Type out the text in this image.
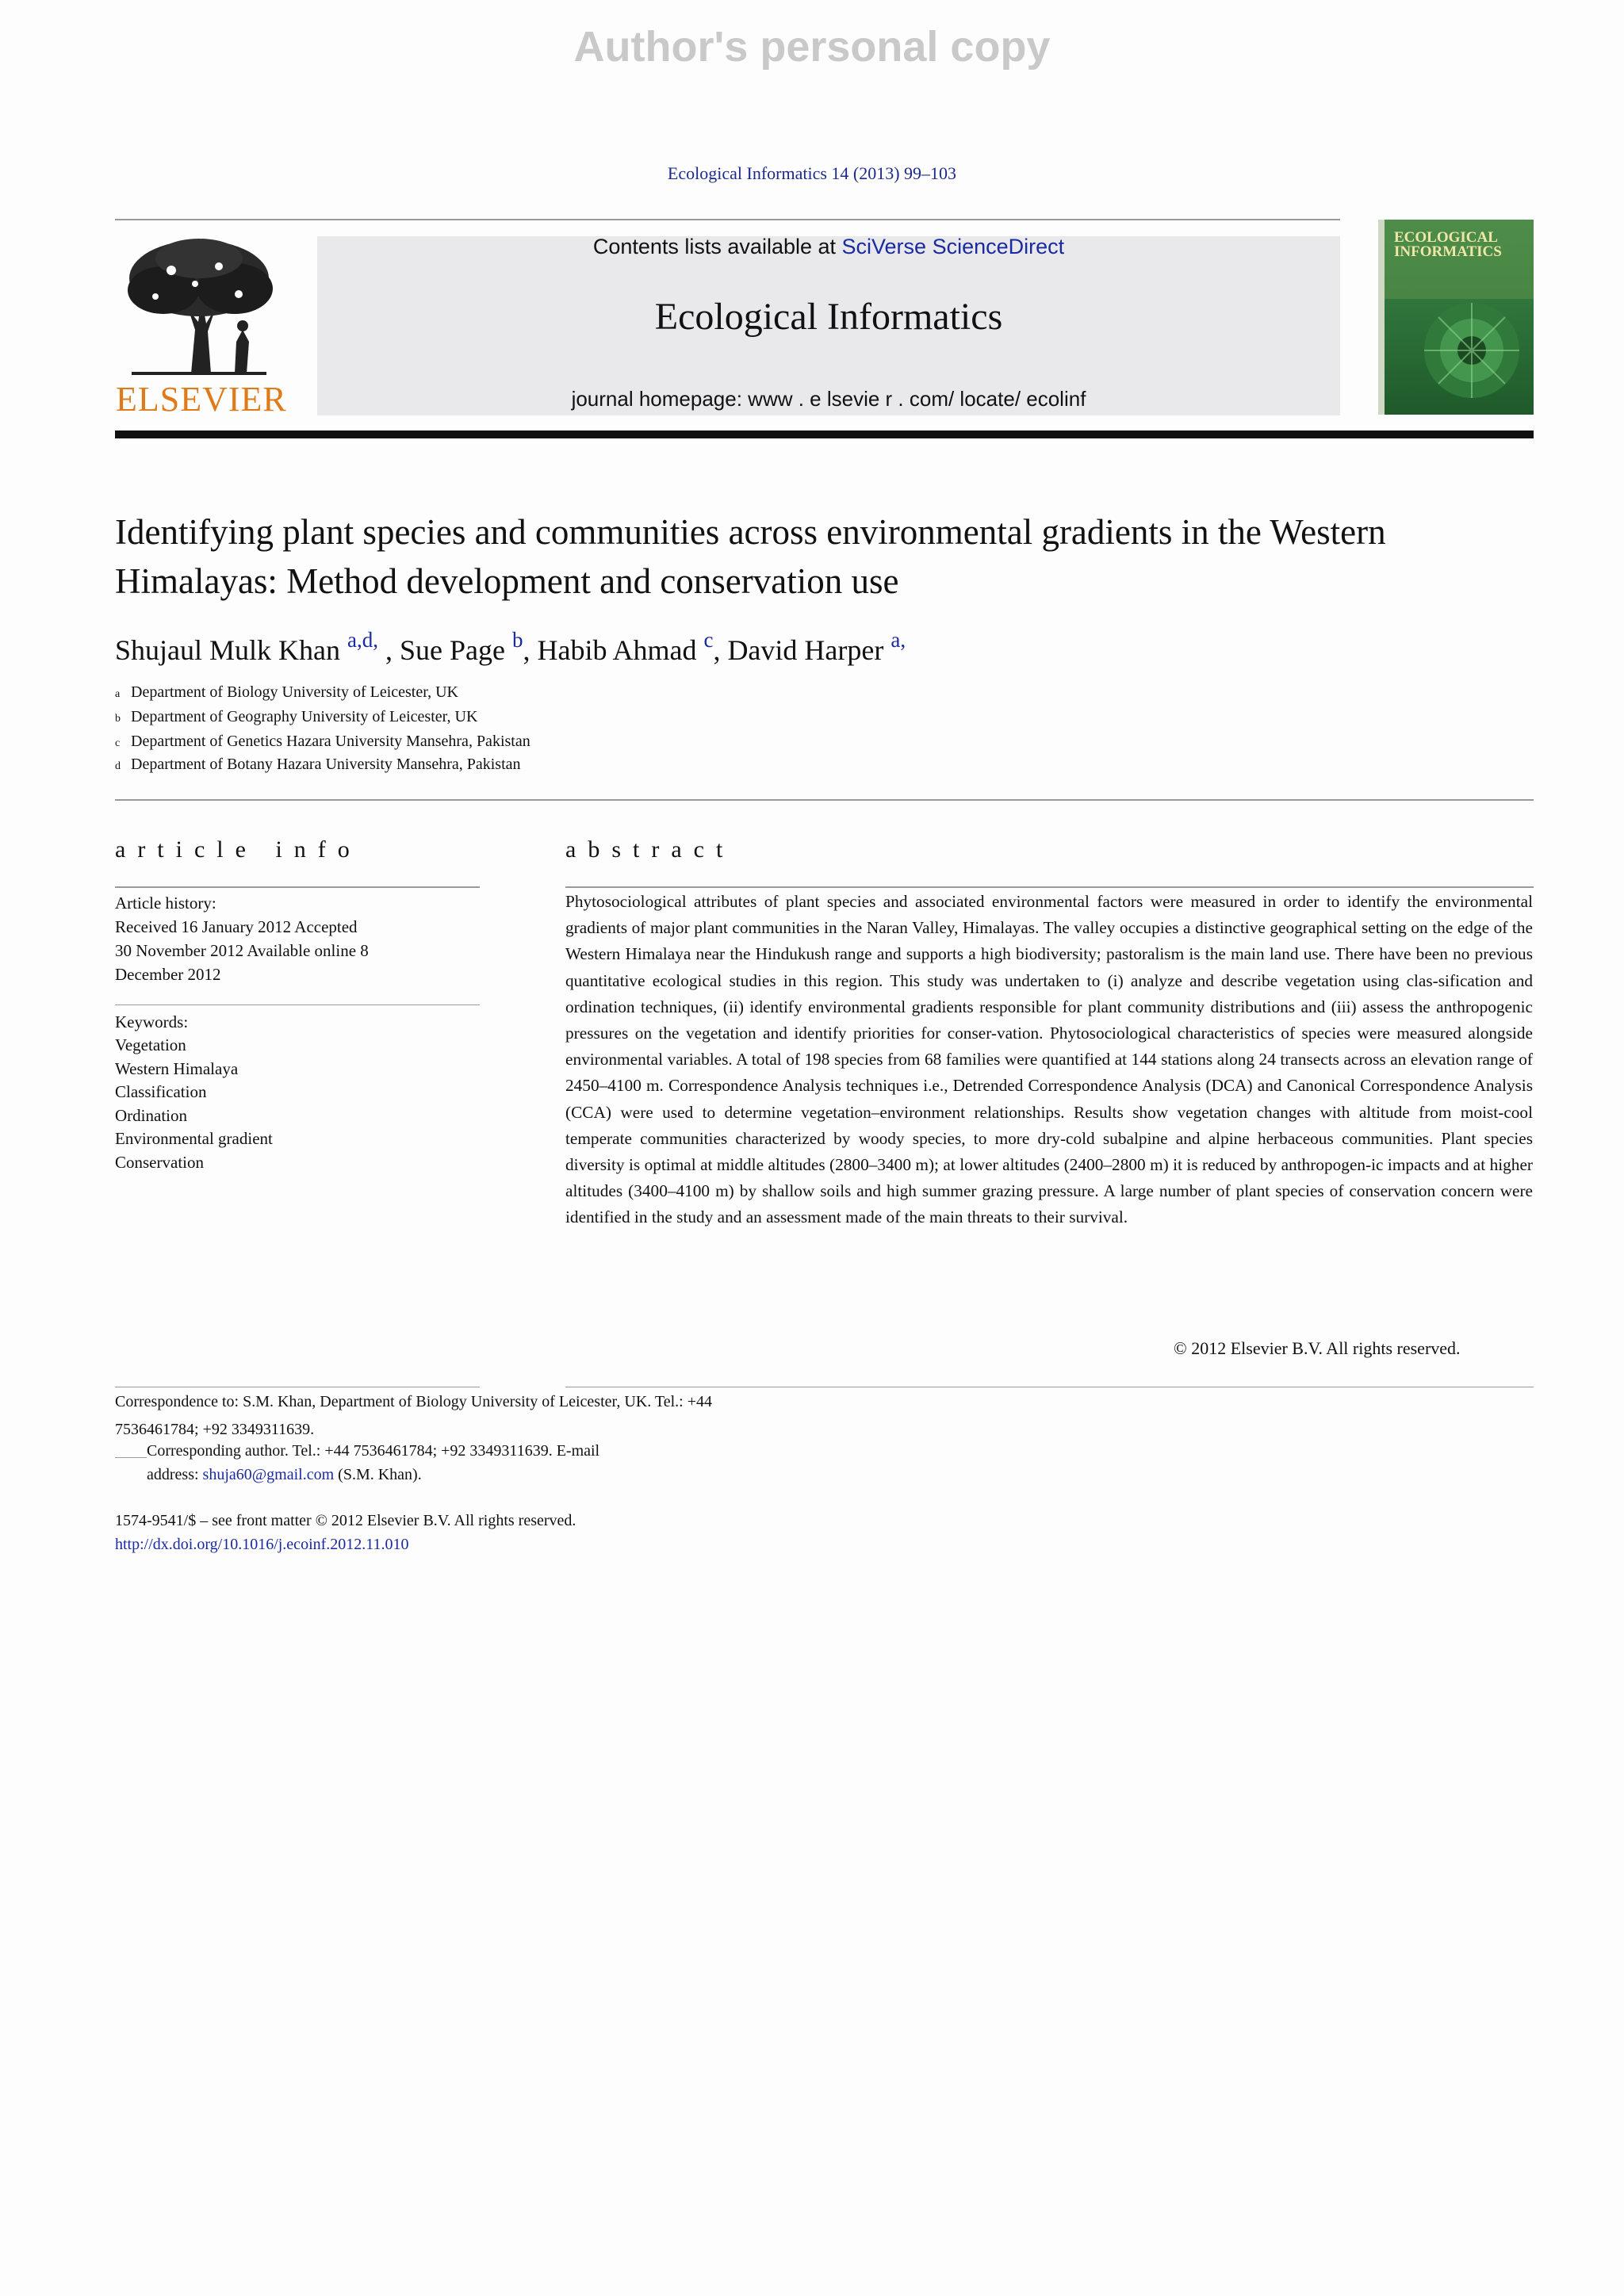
Author's personal copy
Ecological Informatics 14 (2013) 99–103
ELSEVIER
Contents lists available at SciVerse ScienceDirect
Ecological Informatics
journal homepage: www . e lsevie r . com/ locate/ ecolinf
ECOLOGICAL
INFORMATICS
Identifying plant species and communities across environmental gradients in the Western
Himalayas: Method development and conservation use
Shujaul Mulk Khan $^{a,d,}$ , Sue Page $^b$, Habib Ahmad $^c$, David Harper $^{a,}$
a Department of Biology University of Leicester, UK
b Department of Geography University of Leicester, UK
c Department of Genetics Hazara University Mansehra, Pakistan
d Department of Botany Hazara University Mansehra, Pakistan
article info	abstract
Article history:
Received 16 January 2012 Accepted
30 November 2012 Available online 8
December 2012
Keywords:
Vegetation
Western Himalaya
Classification
Ordination
Environmental gradient
Conservation
Phytosociological attributes of plant species and associated environmental factors were measured in order to identify the environmental gradients of major plant communities in the Naran Valley, Himalayas. The valley occupies a distinctive geographical setting on the edge of the Western Himalaya near the Hindukush range and supports a high biodiversity; pastoralism is the main land use. There have been no previous quantitative ecological studies in this region. This study was undertaken to (i) analyze and describe vegetation using clas-sification and ordination techniques, (ii) identify environmental gradients responsible for plant community distributions and (iii) assess the anthropogenic pressures on the vegetation and identify priorities for conser-vation. Phytosociological characteristics of species were measured alongside environmental variables. A total of 198 species from 68 families were quantified at 144 stations along 24 transects across an elevation range of 2450–4100 m. Correspondence Analysis techniques i.e., Detrended Correspondence Analysis (DCA) and Canonical Correspondence Analysis (CCA) were used to determine vegetation–environment relationships. Results show vegetation changes with altitude from moist-cool temperate communities characterized by woody species, to more dry-cold subalpine and alpine herbaceous communities. Plant species diversity is optimal at middle altitudes (2800–3400 m); at lower altitudes (2400–2800 m) it is reduced by anthropogen-ic impacts and at higher altitudes (3400–4100 m) by shallow soils and high summer grazing pressure. A large number of plant species of conservation concern were identified in the study and an assessment made of the main threats to their survival.
© 2012 Elsevier B.V. All rights reserved.
Correspondence to: S.M. Khan, Department of Biology University of Leicester, UK. Tel.: +44
7536461784; +92 3349311639.
Corresponding author. Tel.: +44 7536461784; +92 3349311639. E-mail
address: shuja60@gmail.com (S.M. Khan).
1574-9541/$ – see front matter © 2012 Elsevier B.V. All rights reserved.
http://dx.doi.org/10.1016/j.ecoinf.2012.11.010
